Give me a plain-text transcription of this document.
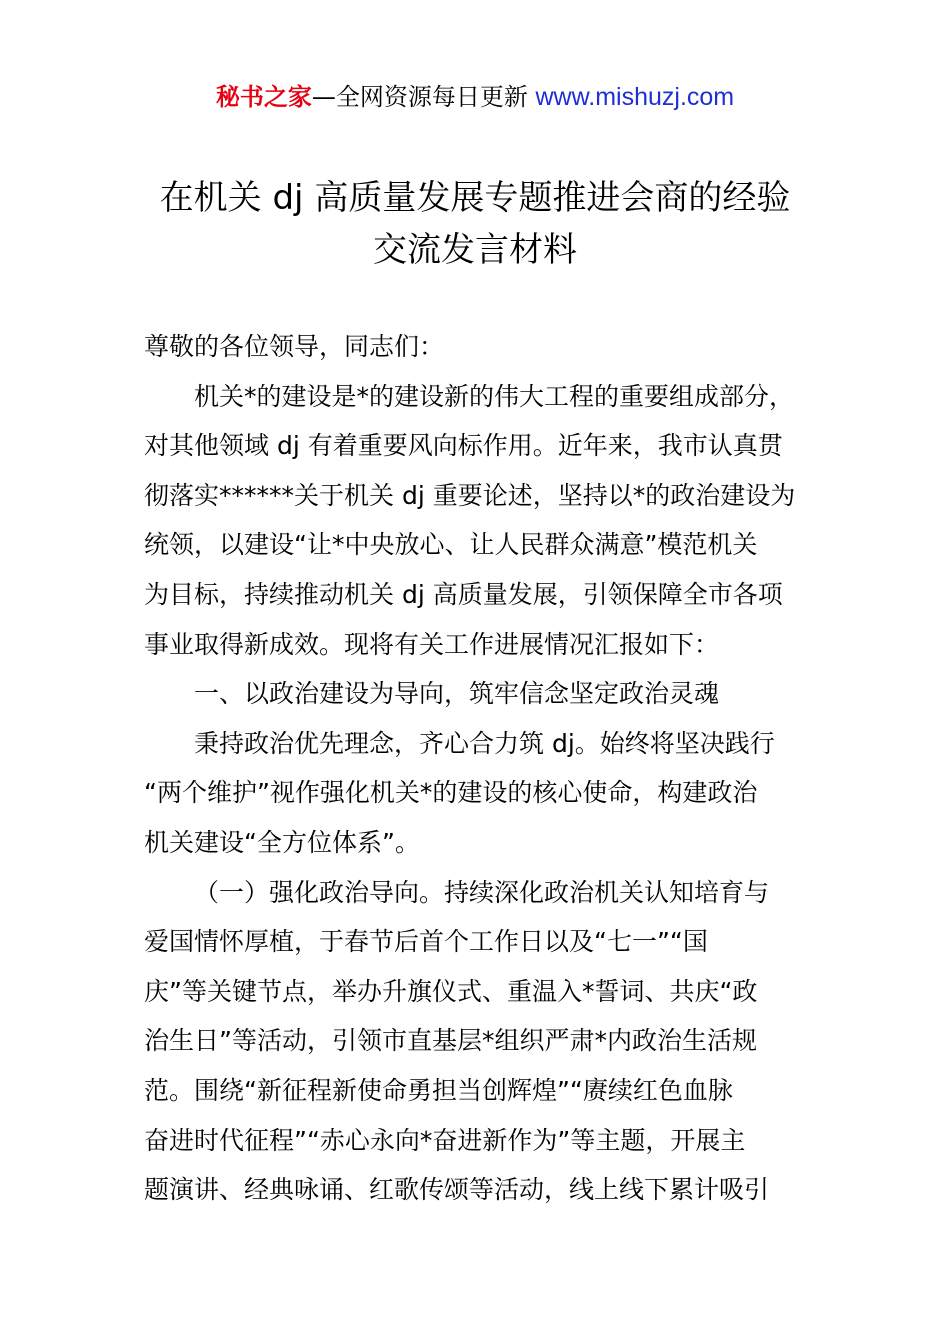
秘书之家—全网资源每日更新 www.mishuzj.com
在机关 dj 高质量发展专题推进会商的经验
交流发言材料
尊敬的各位领导，同志们：
机关*的建设是*的建设新的伟大工程的重要组成部分，
对其他领域 dj 有着重要风向标作用。近年来，我市认真贯
彻落实******关于机关 dj 重要论述，坚持以*的政治建设为
统领，以建设“让*中央放心、让人民群众满意”模范机关
为目标，持续推动机关 dj 高质量发展，引领保障全市各项
事业取得新成效。现将有关工作进展情况汇报如下：
一、以政治建设为导向，筑牢信念坚定政治灵魂
秉持政治优先理念，齐心合力筑 dj。始终将坚决践行
“两个维护”视作强化机关*的建设的核心使命，构建政治
机关建设“全方位体系”。
（一）强化政治导向。持续深化政治机关认知培育与
爱国情怀厚植，于春节后首个工作日以及“七一”“国
庆”等关键节点，举办升旗仪式、重温入*誓词、共庆“政
治生日”等活动，引领市直基层*组织严肃*内政治生活规
范。围绕“新征程新使命勇担当创辉煌”“赓续红色血脉
奋进时代征程”“赤心永向*奋进新作为”等主题，开展主
题演讲、经典咏诵、红歌传颂等活动，线上线下累计吸引
